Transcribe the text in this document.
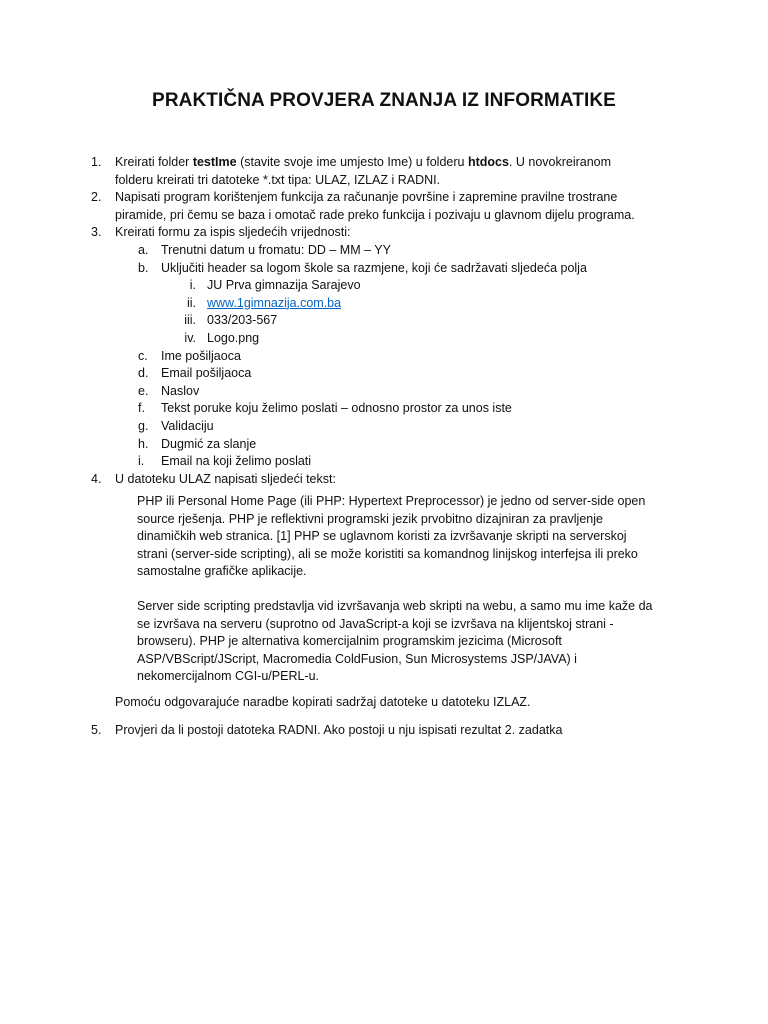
PRAKTIČNA PROVJERA ZNANJA IZ INFORMATIKE
1. Kreirati folder testIme (stavite svoje ime umjesto Ime) u folderu htdocs. U novokreiranom
folderu kreirati tri datoteke *.txt tipa: ULAZ, IZLAZ i RADNI.
2. Napisati program korištenjem funkcija za računanje površine i zapremine pravilne trostrane
piramide, pri čemu se baza i omotač rade preko funkcija i pozivaju u glavnom dijelu programa.
3. Kreirati formu za ispis sljedećih vrijednosti:
a. Trenutni datum u fromatu: DD – MM – YY
b. Uključiti header sa logom škole sa razmjene, koji će sadržavati sljedeća polja
i. JU Prva gimnazija Sarajevo
ii. www.1gimnazija.com.ba
iii. 033/203-567
iv. Logo.png
c. Ime pošiljaoca
d. Email pošiljaoca
e. Naslov
f. Tekst poruke koju želimo poslati – odnosno prostor za unos iste
g. Validaciju
h. Dugmić za slanje
i. Email na koji želimo poslati
4. U datoteku ULAZ napisati sljedeći tekst:
PHP ili Personal Home Page (ili PHP: Hypertext Preprocessor) je jedno od server-side open
source rješenja. PHP je reflektivni programski jezik prvobitno dizajniran za pravljenje
dinamičkih web stranica. [1] PHP se uglavnom koristi za izvršavanje skripti na serverskoj
strani (server-side scripting), ali se može koristiti sa komandnog linijskog interfejsa ili preko
samostalne grafičke aplikacije.
Server side scripting predstavlja vid izvršavanja web skripti na webu, a samo mu ime kaže da
se izvršava na serveru (suprotno od JavaScript-a koji se izvršava na klijentskoj strani -
browseru). PHP je alternativa komercijalnim programskim jezicima (Microsoft
ASP/VBScript/JScript, Macromedia ColdFusion, Sun Microsystems JSP/JAVA) i
nekomercijalnom CGI-u/PERL-u.
Pomoću odgovarajuće naradbe kopirati sadržaj datoteke u datoteku IZLAZ.
5. Provjeri da li postoji datoteka RADNI. Ako postoji u nju ispisati rezultat 2. zadatka
